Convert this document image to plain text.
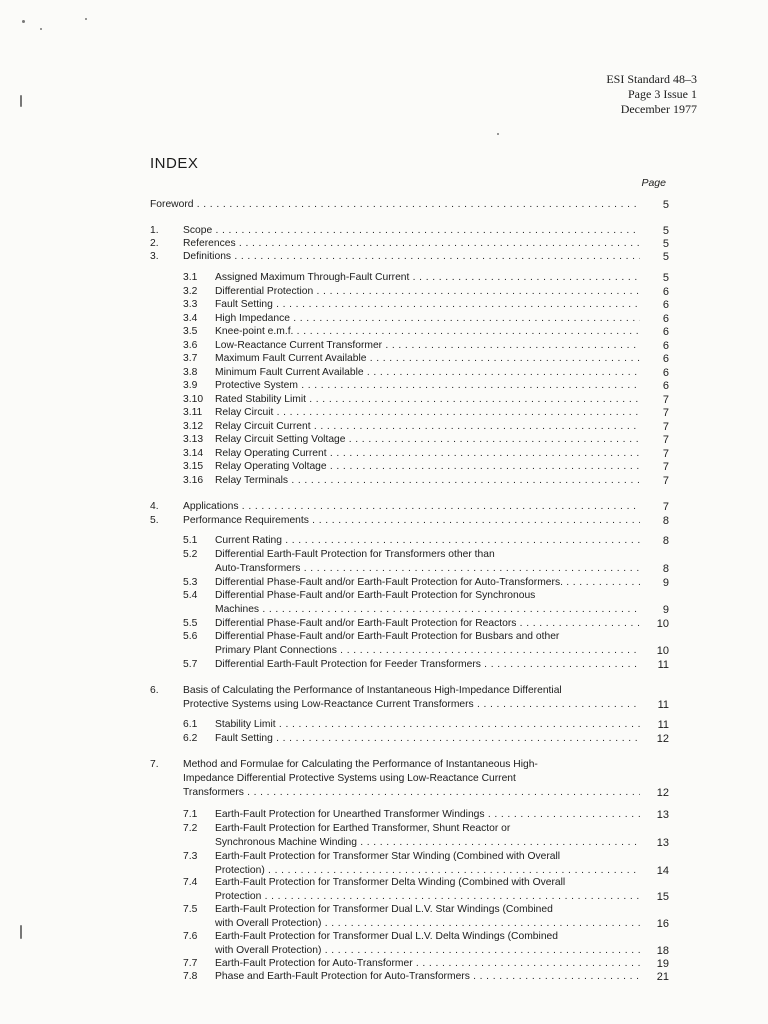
ESI Standard 48–3
Page 3 Issue 1
December 1977
INDEX
Page
Foreword . . .	5
1. Scope . . .	5
2. References . . .	5
3. Definitions . . .	5
3.1 Assigned Maximum Through-Fault Current . . .	5
3.2 Differential Protection . . .	6
3.3 Fault Setting . . .	6
3.4 High Impedance . . .	6
3.5 Knee-point e.m.f. . . .	6
3.6 Low-Reactance Current Transformer . . .	6
3.7 Maximum Fault Current Available . . .	6
3.8 Minimum Fault Current Available . . .	6
3.9 Protective System . . .	6
3.10 Rated Stability Limit . . .	7
3.11 Relay Circuit . . .	7
3.12 Relay Circuit Current . . .	7
3.13 Relay Circuit Setting Voltage . . .	7
3.14 Relay Operating Current . . .	7
3.15 Relay Operating Voltage . . .	7
3.16 Relay Terminals . . .	7
4. Applications . . .	7
5. Performance Requirements . . .	8
5.1 Current Rating . . .	8
5.2 Differential Earth-Fault Protection for Transformers other than
Auto-Transformers . . .	8
5.3 Differential Phase-Fault and/or Earth-Fault Protection for Auto-Transformers. . . .	9
5.4 Differential Phase-Fault and/or Earth-Fault Protection for Synchronous
Machines . . .	9
5.5 Differential Phase-Fault and/or Earth-Fault Protection for Reactors . . .	10
5.6 Differential Phase-Fault and/or Earth-Fault Protection for Busbars and other
Primary Plant Connections . . .	10
5.7 Differential Earth-Fault Protection for Feeder Transformers . . .	11
6. Basis of Calculating the Performance of Instantaneous High-Impedance Differential
Protective Systems using Low-Reactance Current Transformers . . .	11
6.1 Stability Limit . . .	11
6.2 Fault Setting . . .	12
7. Method and Formulae for Calculating the Performance of Instantaneous High-
Impedance Differential Protective Systems using Low-Reactance Current
Transformers . . .	12
7.1 Earth-Fault Protection for Unearthed Transformer Windings . . .	13
7.2 Earth-Fault Protection for Earthed Transformer, Shunt Reactor or
Synchronous Machine Winding . . .	13
7.3 Earth-Fault Protection for Transformer Star Winding (Combined with Overall
Protection) . . .	14
7.4 Earth-Fault Protection for Transformer Delta Winding (Combined with Overall
Protection . . .	15
7.5 Earth-Fault Protection for Transformer Dual L.V. Star Windings (Combined
with Overall Protection) . . .	16
7.6 Earth-Fault Protection for Transformer Dual L.V. Delta Windings (Combined
with Overall Protection) . . .	18
7.7 Earth-Fault Protection for Auto-Transformer . . .	19
7.8 Phase and Earth-Fault Protection for Auto-Transformers . . .	21
